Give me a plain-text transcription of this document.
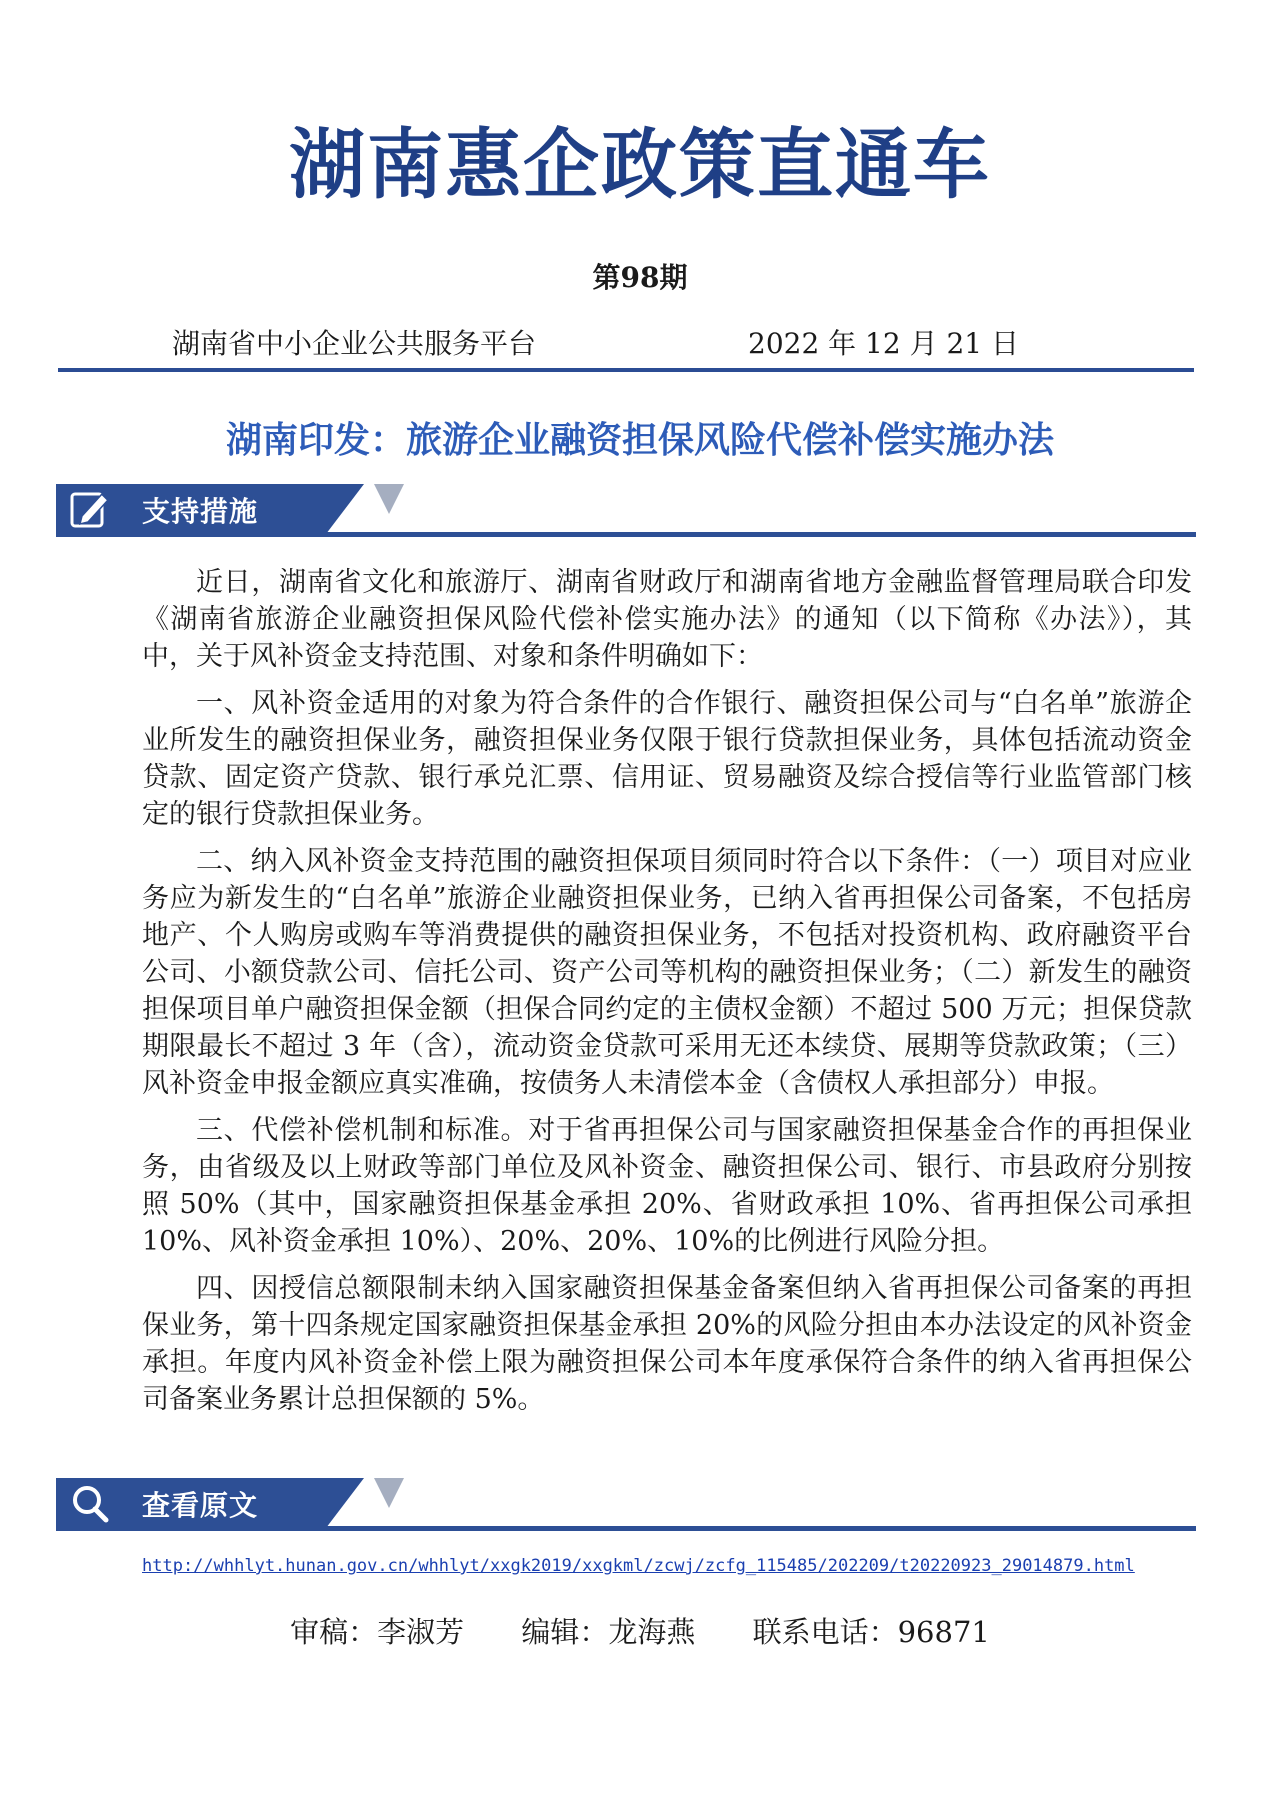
湖南惠企政策直通车
第98期
湖南省中小企业公共服务平台	2022 年 12 月 21 日
湖南印发：旅游企业融资担保风险代偿补偿实施办法
支持措施

近日，湖南省文化和旅游厅、湖南省财政厅和湖南省地方金融监督管理局联合印发《湖南省旅游企业融资担保风险代偿补偿实施办法》的通知（以下简称《办法》），其中，关于风补资金支持范围、对象和条件明确如下：

一、风补资金适用的对象为符合条件的合作银行、融资担保公司与“白名单”旅游企业所发生的融资担保业务，融资担保业务仅限于银行贷款担保业务，具体包括流动资金贷款、固定资产贷款、银行承兑汇票、信用证、贸易融资及综合授信等行业监管部门核定的银行贷款担保业务。

二、纳入风补资金支持范围的融资担保项目须同时符合以下条件：（一）项目对应业务应为新发生的“白名单”旅游企业融资担保业务，已纳入省再担保公司备案，不包括房地产、个人购房或购车等消费提供的融资担保业务，不包括对投资机构、政府融资平台公司、小额贷款公司、信托公司、资产公司等机构的融资担保业务；（二）新发生的融资担保项目单户融资担保金额（担保合同约定的主债权金额）不超过 500 万元；担保贷款期限最长不超过 3 年（含），流动资金贷款可采用无还本续贷、展期等贷款政策；（三）风补资金申报金额应真实准确，按债务人未清偿本金（含债权人承担部分）申报。

三、代偿补偿机制和标准。对于省再担保公司与国家融资担保基金合作的再担保业务，由省级及以上财政等部门单位及风补资金、融资担保公司、银行、市县政府分别按照 50%（其中，国家融资担保基金承担 20%、省财政承担 10%、省再担保公司承担 10%、风补资金承担 10%）、20%、20%、10%的比例进行风险分担。

四、因授信总额限制未纳入国家融资担保基金备案但纳入省再担保公司备案的再担保业务，第十四条规定国家融资担保基金承担 20%的风险分担由本办法设定的风补资金承担。年度内风补资金补偿上限为融资担保公司本年度承保符合条件的纳入省再担保公司备案业务累计总担保额的 5%。

查看原文
http://whhlyt.hunan.gov.cn/whhlyt/xxgk2019/xxgkml/zcwj/zcfg_115485/202209/t20220923_29014879.html
审稿：李淑芳 编辑：龙海燕 联系电话：96871
